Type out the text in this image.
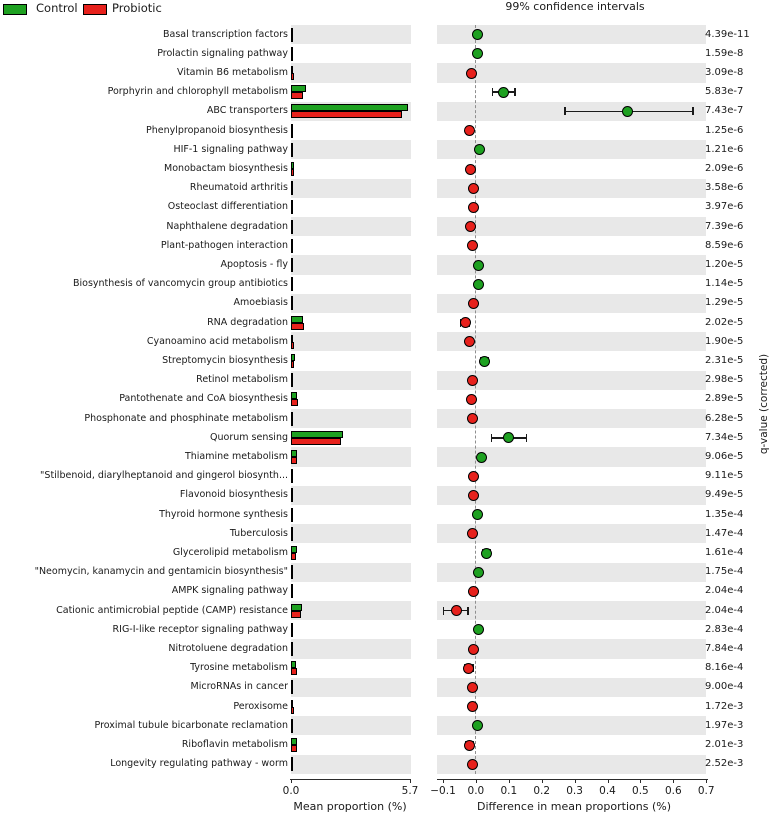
Control	Probiotic	99% confidence intervals
Basal transcription factors	4.39e-11
Prolactin signaling pathway	1.59e-8
Vitamin B6 metabolism	3.09e-8
Porphyrin and chlorophyll metabolism	5.83e-7
ABC transporters	7.43e-7
Phenylpropanoid biosynthesis	1.25e-6
HIF-1 signaling pathway	1.21e-6
Monobactam biosynthesis	2.09e-6
Rheumatoid arthritis	3.58e-6
Osteoclast differentiation	3.97e-6
Naphthalene degradation	7.39e-6
Plant-pathogen interaction	8.59e-6
Apoptosis - fly	1.20e-5
Biosynthesis of vancomycin group antibiotics	1.14e-5
Amoebiasis	1.29e-5
RNA degradation	2.02e-5
Cyanoamino acid metabolism	1.90e-5
Streptomycin biosynthesis	2.31e-5
Retinol metabolism	2.98e-5
Pantothenate and CoA biosynthesis	2.89e-5
Phosphonate and phosphinate metabolism	6.28e-5
Quorum sensing	7.34e-5
Thiamine metabolism	9.06e-5
"Stilbenoid, diarylheptanoid and gingerol biosynth...	9.11e-5
Flavonoid biosynthesis	9.49e-5
Thyroid hormone synthesis	1.35e-4
Tuberculosis	1.47e-4
Glycerolipid metabolism	1.61e-4
"Neomycin, kanamycin and gentamicin biosynthesis"	1.75e-4
AMPK signaling pathway	2.04e-4
Cationic antimicrobial peptide (CAMP) resistance	2.04e-4
RIG-I-like receptor signaling pathway	2.83e-4
Nitrotoluene degradation	7.84e-4
Tyrosine metabolism	8.16e-4
MicroRNAs in cancer	9.00e-4
Peroxisome	1.72e-3
Proximal tubule bicarbonate reclamation	1.97e-3
Riboflavin metabolism	2.01e-3
Longevity regulating pathway - worm	2.52e-3
0.0	5.7
Mean proportion (%)
−0.1	0.0	0.1	0.2	0.3	0.4	0.5	0.6	0.7
Difference in mean proportions (%)
q-value (corrected)
